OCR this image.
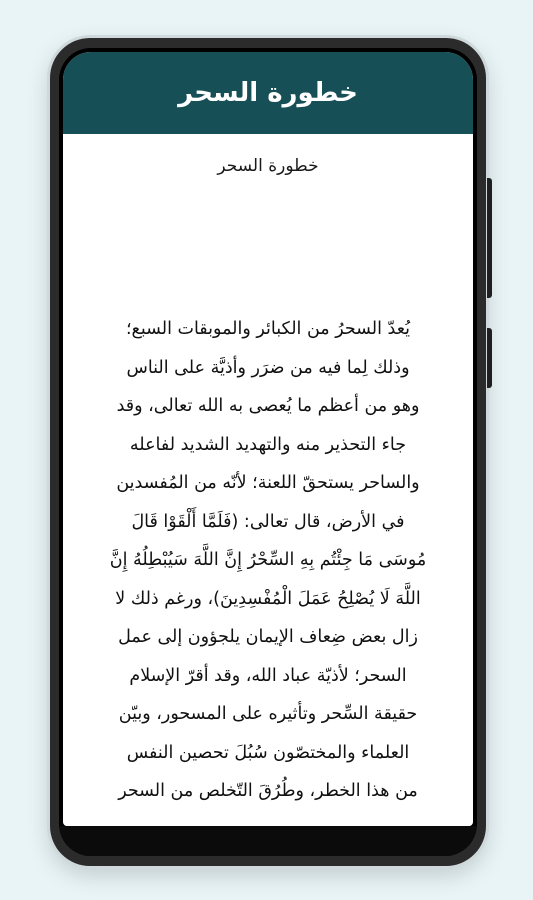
خطورة السحر

خطورة السحر

يُعدّ السحرُ من الكبائر والموبقات السبع؛
وذلك لِما فيه من ضرَر وأذيَّة على الناس
وهو من أعظم ما يُعصى به الله تعالى، وقد
جاء التحذير منه والتهديد الشديد لفاعله
والساحر يستحقّ اللعنة؛ لأنّه من المُفسدين
في الأرض، قال تعالى: (فَلَمَّا أَلْقَوْا قَالَ
مُوسَى مَا جِئْتُم بِهِ السِّحْرُ إِنَّ اللَّهَ سَيُبْطِلُهُ إِنَّ
اللَّهَ لَا يُصْلِحُ عَمَلَ الْمُفْسِدِينَ)، ورغم ذلك لا
زال بعض ضِعاف الإيمان يلجؤون إلى عمل
السحر؛ لأذيّة عباد الله، وقد أقرّ الإسلام
حقيقة السِّحر وتأثيره على المسحور، وبيّن
العلماء والمختصّون سُبُلَ تحصين النفس
من هذا الخطر، وطُرُقَ التّخلص من السحر
